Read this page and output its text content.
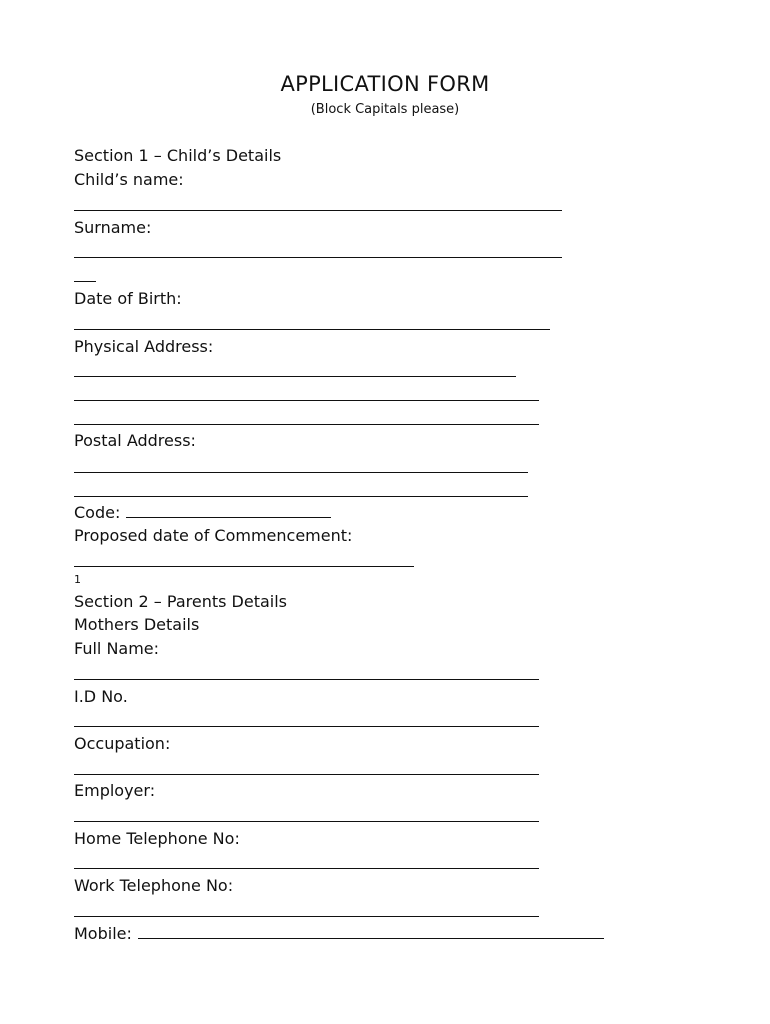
APPLICATION FORM
(Block Capitals please)
Section 1 – Child’s Details
Child’s name:
Surname:
Date of Birth:
Physical Address:
Postal Address:
Code:
Proposed date of Commencement:
1
Section 2 – Parents Details
Mothers Details
Full Name:
I.D No.
Occupation:
Employer:
Home Telephone No:
Work Telephone No:
Mobile:
